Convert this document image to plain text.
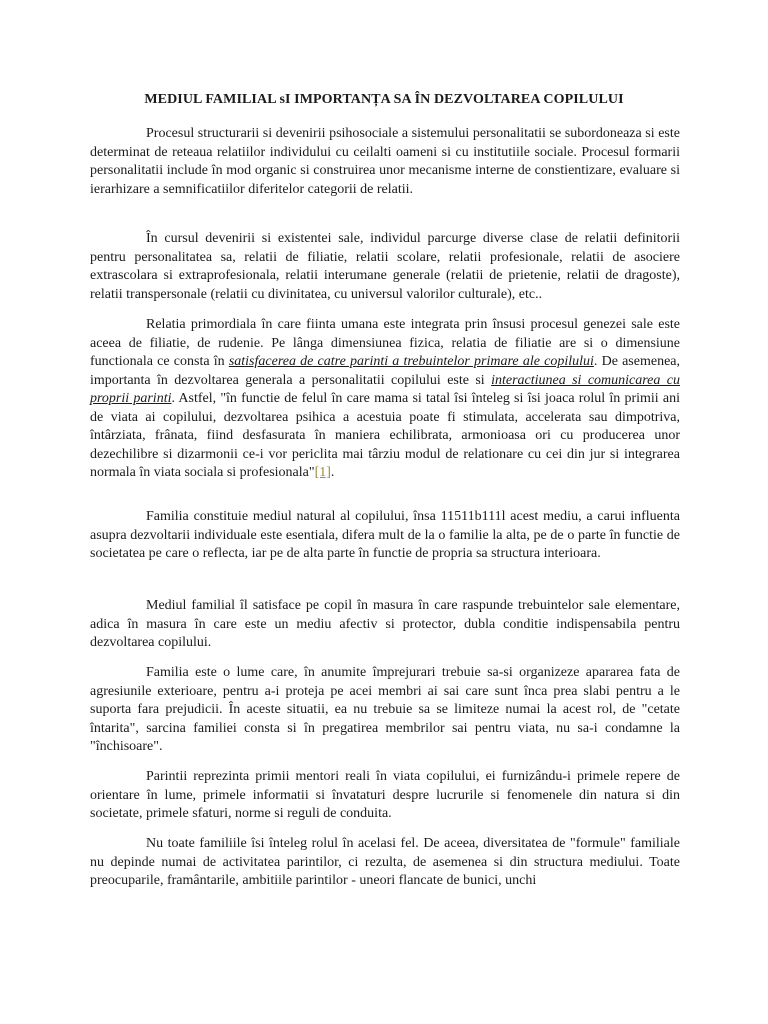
MEDIUL FAMILIAL sI IMPORTANȚA SA ÎN DEZVOLTAREA COPILULUI

Procesul structurarii si devenirii psihosociale a sistemului personalitatii se subordoneaza si este determinat de reteaua relatiilor individului cu ceilalti oameni si cu institutiile sociale. Procesul formarii personalitatii include în mod organic si construirea unor mecanisme interne de constientizare, evaluare si ierarhizare a semnificatiilor diferitelor categorii de relatii.

În cursul devenirii si existentei sale, individul parcurge diverse clase de relatii definitorii pentru personalitatea sa, relatii de filiatie, relatii scolare, relatii profesionale, relatii de asociere extrascolara si extraprofesionala, relatii interumane generale (relatii de prietenie, relatii de dragoste), relatii transpersonale (relatii cu divinitatea, cu universul valorilor culturale), etc..

Relatia primordiala în care fiinta umana este integrata prin însusi procesul genezei sale este aceea de filiatie, de rudenie. Pe lânga dimensiunea fizica, relatia de filiatie are si o dimensiune functionala ce consta în satisfacerea de catre parinti a trebuintelor primare ale copilului. De asemenea, importanta în dezvoltarea generala a personalitatii copilului este si interactiunea si comunicarea cu proprii parinti. Astfel, "în functie de felul în care mama si tatal îsi înteleg si îsi joaca rolul în primii ani de viata ai copilului, dezvoltarea psihica a acestuia poate fi stimulata, accelerata sau dimpotriva, întârziata, frânata, fiind desfasurata în maniera echilibrata, armonioasa ori cu producerea unor dezechilibre si dizarmonii ce-i vor periclita mai târziu modul de relationare cu cei din jur si integrarea normala în viata sociala si profesionala"[1].

Familia constituie mediul natural al copilului, însa 11511b111l acest mediu, a carui influenta asupra dezvoltarii individuale este esentiala, difera mult de la o familie la alta, pe de o parte în functie de societatea pe care o reflecta, iar pe de alta parte în functie de propria sa structura interioara.

Mediul familial îl satisface pe copil în masura în care raspunde trebuintelor sale elementare, adica în masura în care este un mediu afectiv si protector, dubla conditie indispensabila pentru dezvoltarea copilului.

Familia este o lume care, în anumite împrejurari trebuie sa-si organizeze apararea fata de agresiunile exterioare, pentru a-i proteja pe acei membri ai sai care sunt înca prea slabi pentru a le suporta fara prejudicii. În aceste situatii, ea nu trebuie sa se limiteze numai la acest rol, de "cetate întarita", sarcina familiei consta si în pregatirea membrilor sai pentru viata, nu sa-i condamne la "închisoare".

Parintii reprezinta primii mentori reali în viata copilului, ei furnizându-i primele repere de orientare în lume, primele informatii si învataturi despre lucrurile si fenomenele din natura si din societate, primele sfaturi, norme si reguli de conduita.

Nu toate familiile îsi înteleg rolul în acelasi fel. De aceea, diversitatea de "formule" familiale nu depinde numai de activitatea parintilor, ci rezulta, de asemenea si din structura mediului. Toate preocuparile, framântarile, ambitiile parintilor - uneori flancate de bunici, unchi
